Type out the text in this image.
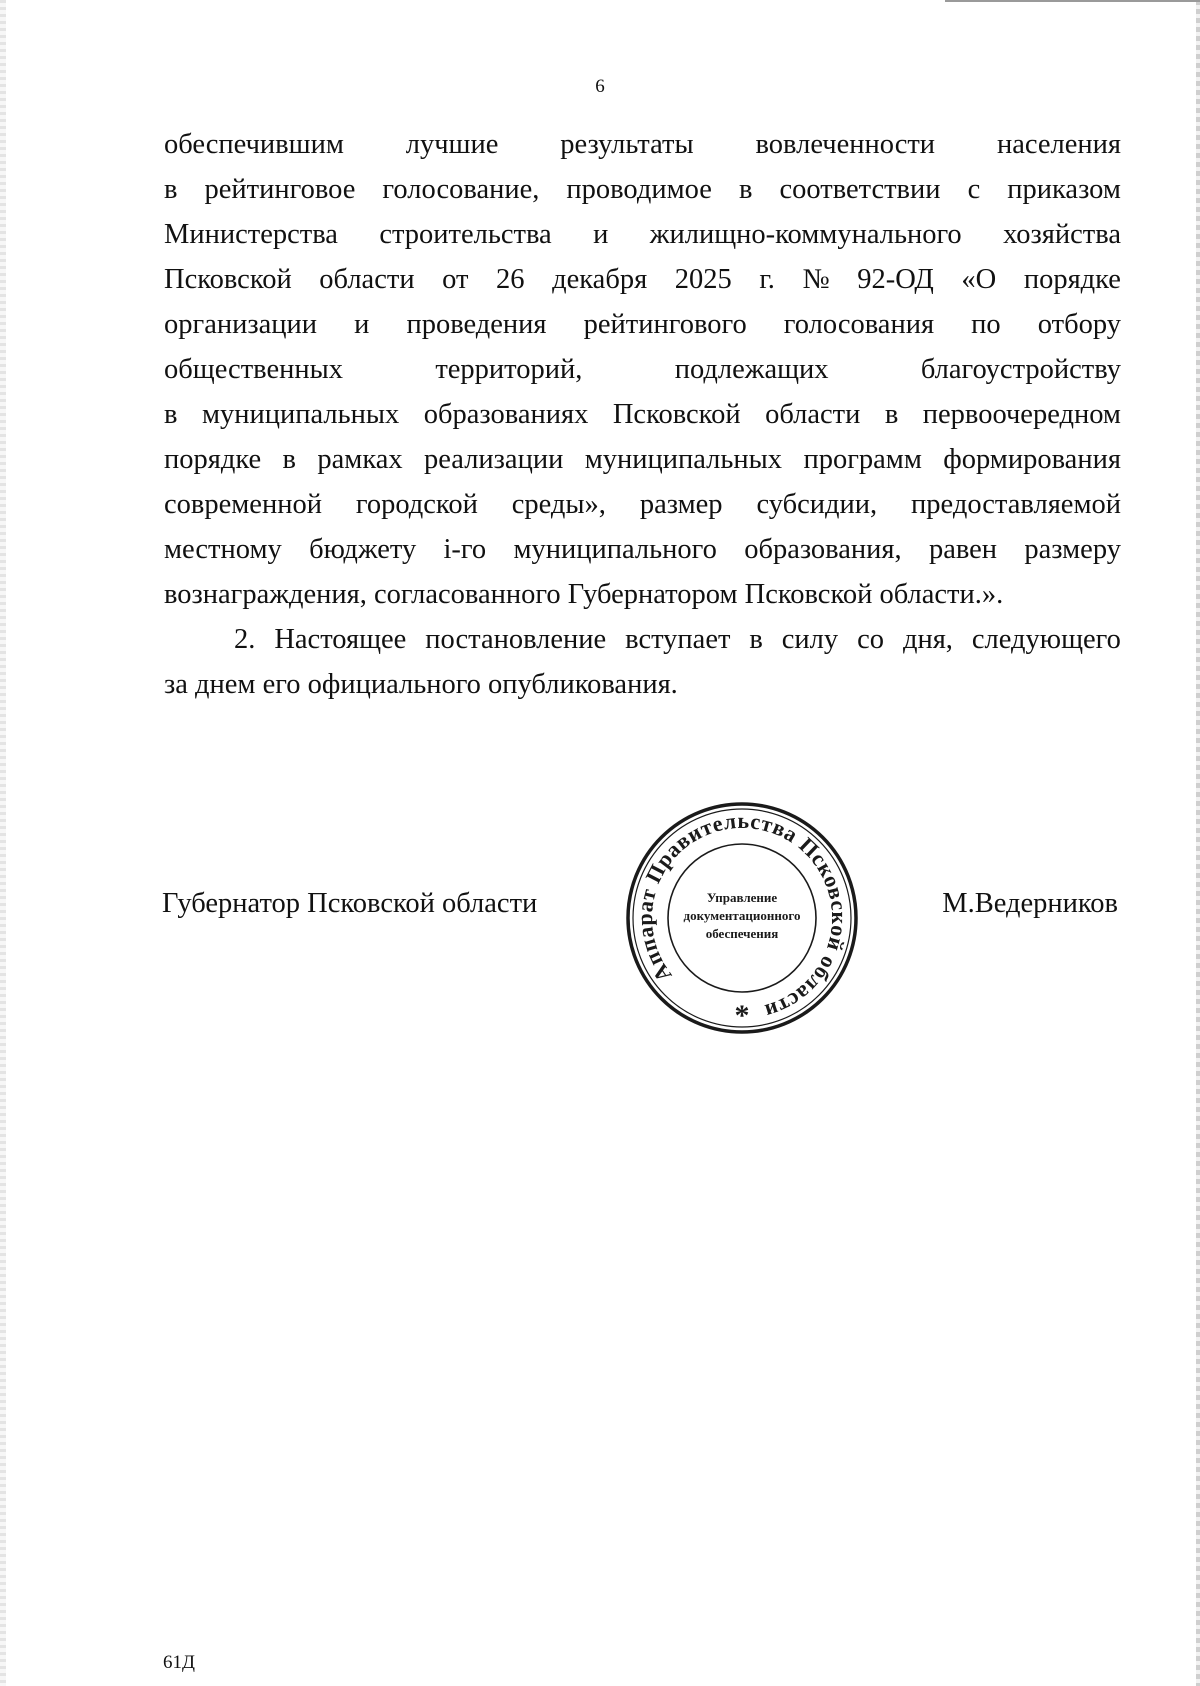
6
обеспечившим лучшие результаты вовлеченности населения
в рейтинговое голосование, проводимое в соответствии с приказом
Министерства строительства и жилищно-коммунального хозяйства
Псковской области от 26 декабря 2025 г. № 92-ОД «О порядке
организации и проведения рейтингового голосования по отбору
общественных	территорий,	подлежащих	благоустройству
в муниципальных образованиях Псковской области в первоочередном
порядке в рамках реализации муниципальных программ формирования
современной городской среды», размер субсидии, предоставляемой
местному бюджету i-го муниципального образования, равен размеру
вознаграждения, согласованного Губернатором Псковской области.».
2. Настоящее постановление вступает в силу со дня, следующего
за днем его официального опубликования.
Губернатор Псковской области
Аппарат Правительства Псковской области
Управление
документационного
обеспечения
*
М.Ведерников
61Д
